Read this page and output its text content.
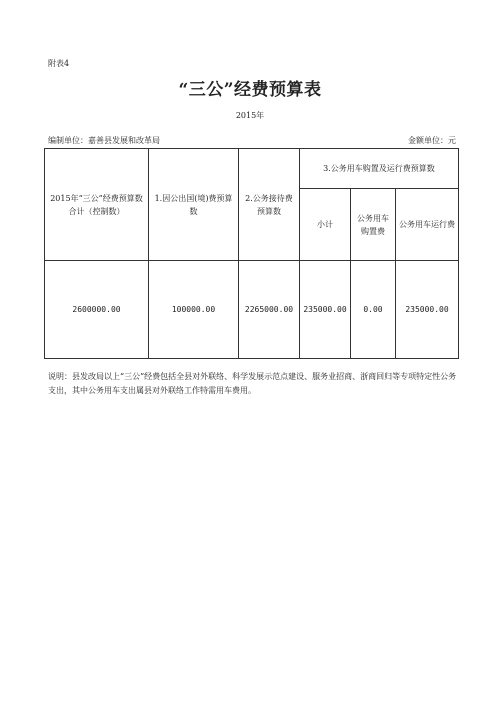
附表4
“三公”经费预算表
2015年
编制单位：嘉善县发展和改革局	金额单位：元
2015年“三公”经费预算数合计（控制数）	1.因公出国(境)费预算数	2.公务接待费预算数	3.公务用车购置及运行费预算数		
			小计	公务用车购置费	公务用车运行费
2600000.00	100000.00	2265000.00	235000.00	0.00	235000.00
说明：县发改局以上“三公”经费包括全县对外联络、科学发展示范点建设、服务业招商、浙商回归等专项特定性公务支出，其中公务用车支出属县对外联络工作特需用车费用。
